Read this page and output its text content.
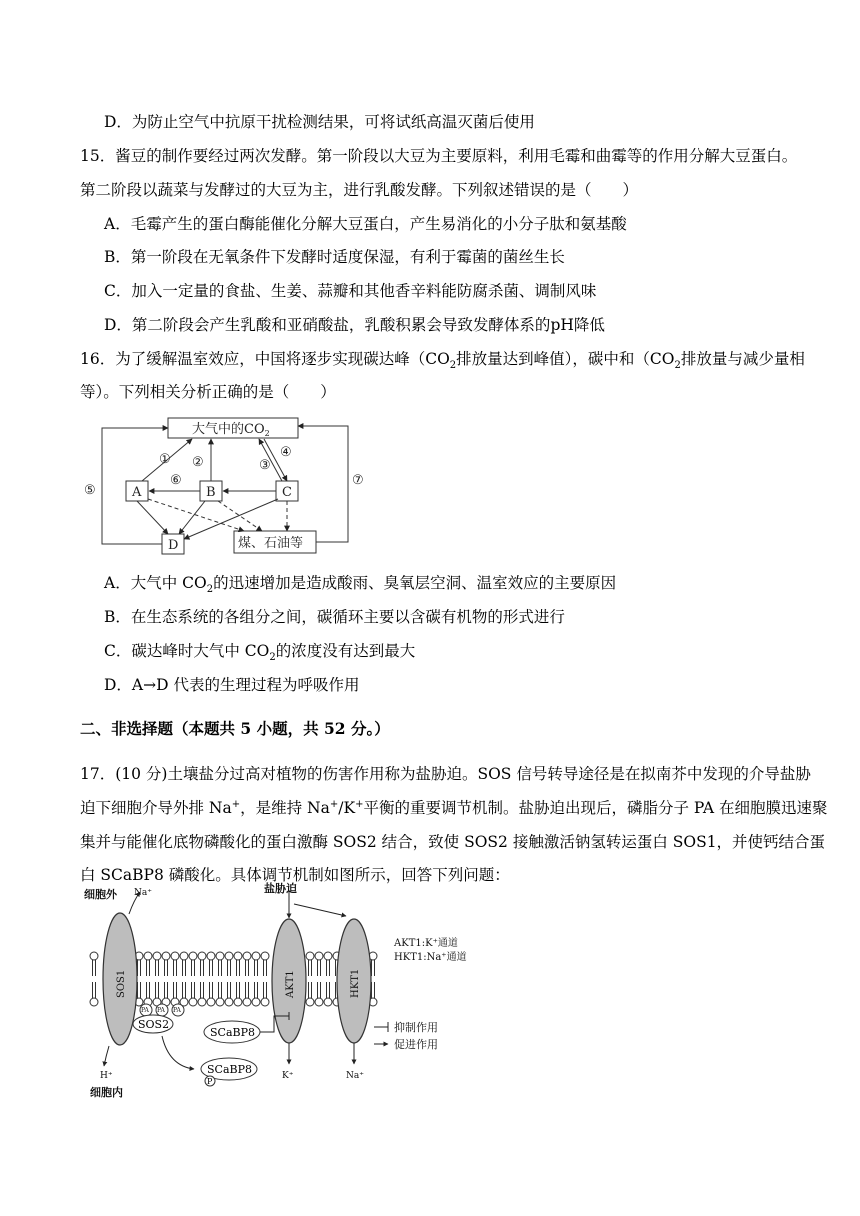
D．为防止空气中抗原干扰检测结果，可将试纸高温灭菌后使用
15．酱豆的制作要经过两次发酵。第一阶段以大豆为主要原料，利用毛霉和曲霉等的作用分解大豆蛋白。
第二阶段以蔬菜与发酵过的大豆为主，进行乳酸发酵。下列叙述错误的是（　　）
A．毛霉产生的蛋白酶能催化分解大豆蛋白，产生易消化的小分子肽和氨基酸
B．第一阶段在无氧条件下发酵时适度保湿，有利于霉菌的菌丝生长
C．加入一定量的食盐、生姜、蒜瓣和其他香辛料能防腐杀菌、调制风味
D．第二阶段会产生乳酸和亚硝酸盐，乳酸积累会导致发酵体系的pH降低
16．为了缓解温室效应，中国将逐步实现碳达峰（$CO_2$排放量达到峰值），碳中和（$CO_2$排放量与减少量相
等）。下列相关分析正确的是（　　）
大气中的$CO_2$
A	B	C
D	煤、石油等
① ②	③
④
⑤
⑥	⑦
A．大气中 $CO_2$的迅速增加是造成酸雨、臭氧层空洞、温室效应的主要原因
B．在生态系统的各组分之间，碳循环主要以含碳有机物的形式进行
C．碳达峰时大气中 $CO_2$的浓度没有达到最大
D．A→D 代表的生理过程为呼吸作用
二、非选择题（本题共 5 小题，共 52 分。）
17．(10 分)土壤盐分过高对植物的伤害作用称为盐胁迫。SOS 信号转导途径是在拟南芥中发现的介导盐胁
迫下细胞介导外排 Na+，是维持 Na+/K+平衡的重要调节机制。盐胁迫出现后，磷脂分子 PA 在细胞膜迅速聚
集并与能催化底物磷酸化的蛋白激酶 SOS2 结合，致使 SOS2 接触激活钠氢转运蛋白 SOS1，并使钙结合蛋
白 SCaBP8 磷酸化。具体调节机制如图所示，回答下列问题：
SOS1	AKT1	HKT1
PA PA PA
SOS2
SCaBP8
SCaBP8
P
细胞外 Na⁺	盐胁迫
H⁺
细胞内
K⁺	Na⁺
AKT1:K⁺通道
HKT1:Na⁺通道
抑制作用
促进作用
